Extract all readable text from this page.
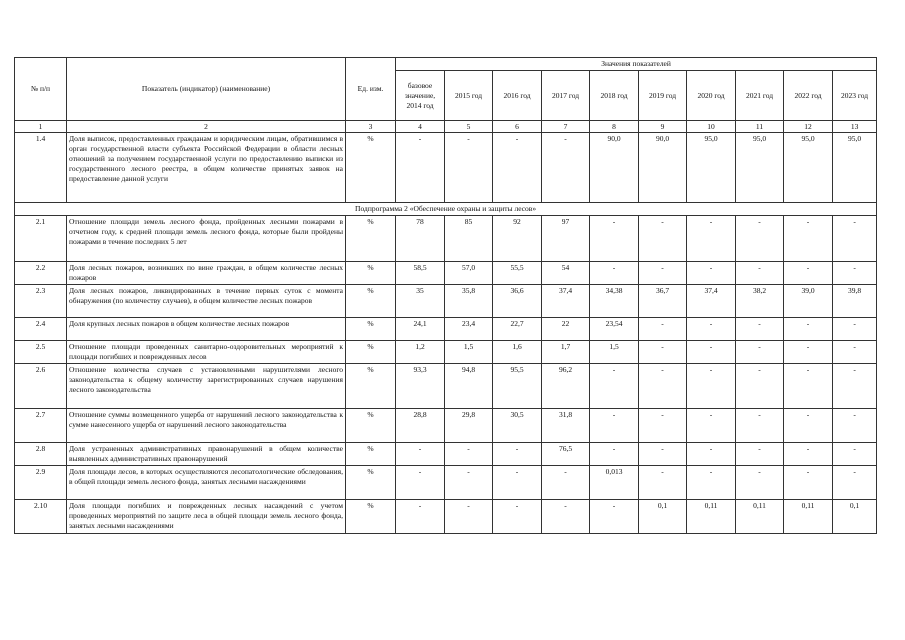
№ п/п	Показатель (индикатор) (наименование)	Ед. изм.	Значения показателей									
			базовое значение, 2014 год	2015 год	2016 год	2017 год	2018 год	2019 год	2020 год	2021 год	2022 год	2023 год
1	2	3	4	5	6	7	8	9	10	11	12	13
1.4	Доля выписок, предоставленных гражданам и юридическим лицам, обратившимся в орган государственной власти субъекта Российской Федерации в области лесных отношений за получением государственной услуги по предоставлению выписки из государственного лесного реестра, в общем количестве принятых заявок на предоставление данной услуги	%	-	-	-	-	90,0	90,0	95,0	95,0	95,0	95,0
Подпрограмма 2 «Обеспечение охраны и защиты лесов»												
2.1	Отношение площади земель лесного фонда, пройденных лесными пожарами в отчетном году, к средней площади земель лесного фонда, которые были пройдены пожарами в течение последних 5 лет	%	78	85	92	97	-	-	-	-	-	-
2.2	Доля лесных пожаров, возникших по вине граждан, в общем количестве лесных пожаров	%	58,5	57,0	55,5	54	-	-	-	-	-	-
2.3	Доля лесных пожаров, ликвидированных в течение первых суток с момента обнаружения (по количеству случаев), в общем количестве лесных пожаров	%	35	35,8	36,6	37,4	34,38	36,7	37,4	38,2	39,0	39,8
2.4	Доля крупных лесных пожаров в общем количестве лесных пожаров	%	24,1	23,4	22,7	22	23,54	-	-	-	-	-
2.5	Отношение площади проведенных санитарно-оздоровительных мероприятий к площади погибших и поврежденных лесов	%	1,2	1,5	1,6	1,7	1,5	-	-	-	-	-
2.6	Отношение количества случаев с установленными нарушителями лесного законодательства к общему количеству зарегистрированных случаев нарушения лесного законодательства	%	93,3	94,8	95,5	96,2	-	-	-	-	-	-
2.7	Отношение суммы возмещенного ущерба от нарушений лесного законодательства к сумме нанесенного ущерба от нарушений лесного законодательства	%	28,8	29,8	30,5	31,8	-	-	-	-	-	-
2.8	Доля устраненных административных правонарушений в общем количестве выявленных административных правонарушений	%	-	-	-	76,5	-	-	-	-	-	-
2.9	Доля площади лесов, в которых осуществляются лесопатологические обследования, в общей площади земель лесного фонда, занятых лесными насаждениями	%	-	-	-	-	0,013	-	-	-	-	-
2.10	Доля площади погибших и поврежденных лесных насаждений с учетом проведенных мероприятий по защите леса в общей площади земель лесного фонда, занятых лесными насаждениями	%	-	-	-	-	-	0,1	0,11	0,11	0,11	0,1
